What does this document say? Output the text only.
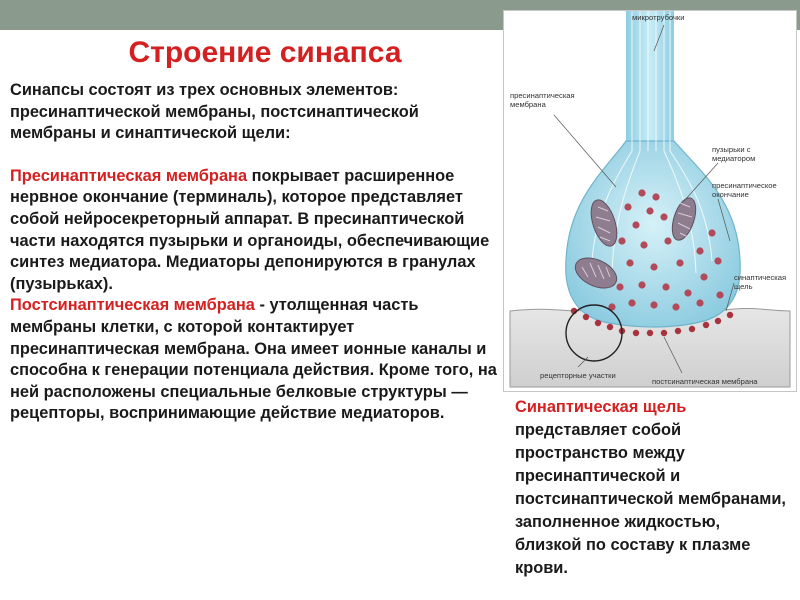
Строение синапса

Синапсы состоят из трех основных элементов: пресинаптической мембраны, постсинаптической мембраны и синаптической щели:

Пресинаптическая мембрана покрывает расширенное нервное окончание (терминаль), которое представляет собой нейросекреторный аппарат. В пресинаптической части находятся пузырьки и органоиды, обеспечивающие синтез медиатора. Медиаторы депонируются в гранулах (пузырьках).

Постсинаптическая мембрана - утолщенная часть мембраны клетки, с которой контактирует пресинаптическая мембрана. Она имеет ионные каналы и способна к генерации потенциала действия. Кроме того, на ней расположены специальные белковые структуры — рецепторы, воспринимающие действие медиаторов.

микротрубочки
пресинаптическая мембрана
пузырьки с медиатором
пресинаптическое окончание
синаптическая щель
рецепторные участки
постсинаптическая мембрана

Синаптическая щель представляет собой пространство между пресинаптической и постсинаптической мембранами, заполненное жидкостью, близкой по составу к плазме крови.
